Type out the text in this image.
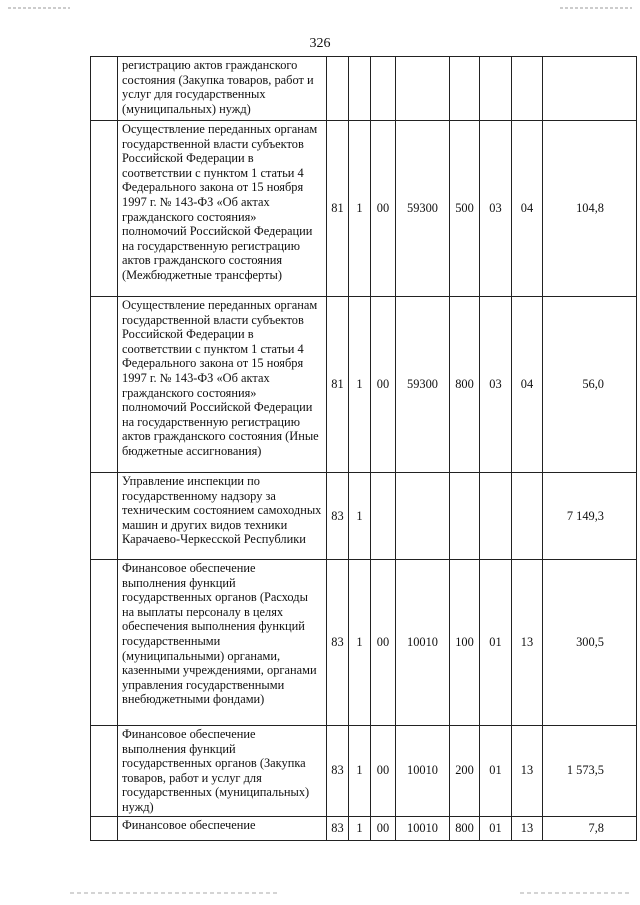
326
	регистрацию актов гражданского состояния (Закупка товаров, работ и услуг для государственных (муниципальных) нужд)								
	Осуществление переданных органам государственной власти субъектов Российской Федерации в соответствии с пунктом 1 статьи 4 Федерального закона от 15 ноября 1997 г. № 143-ФЗ «Об актах гражданского состояния» полномочий Российской Федерации на государственную регистрацию актов гражданского состояния (Межбюджетные трансферты)	81	1	00	59300	500	03	04	104,8
	Осуществление переданных органам государственной власти субъектов Российской Федерации в соответствии с пунктом 1 статьи 4 Федерального закона от 15 ноября 1997 г. № 143-ФЗ «Об актах гражданского состояния» полномочий Российской Федерации на государственную регистрацию актов гражданского состояния (Иные бюджетные ассигнования)	81	1	00	59300	800	03	04	56,0
	Управление инспекции по государственному надзору за техническим состоянием самоходных машин и других видов техники Карачаево-Черкесской Республики	83	1						7 149,3
	Финансовое обеспечение выполнения функций государственных органов (Расходы на выплаты персоналу в целях обеспечения выполнения функций государственными (муниципальными) органами, казенными учреждениями, органами управления государственными внебюджетными фондами)	83	1	00	10010	100	01	13	300,5
	Финансовое обеспечение выполнения функций государственных органов (Закупка товаров, работ и услуг для государственных (муниципальных) нужд)	83	1	00	10010	200	01	13	1 573,5
	Финансовое обеспечение	83	1	00	10010	800	01	13	7,8
